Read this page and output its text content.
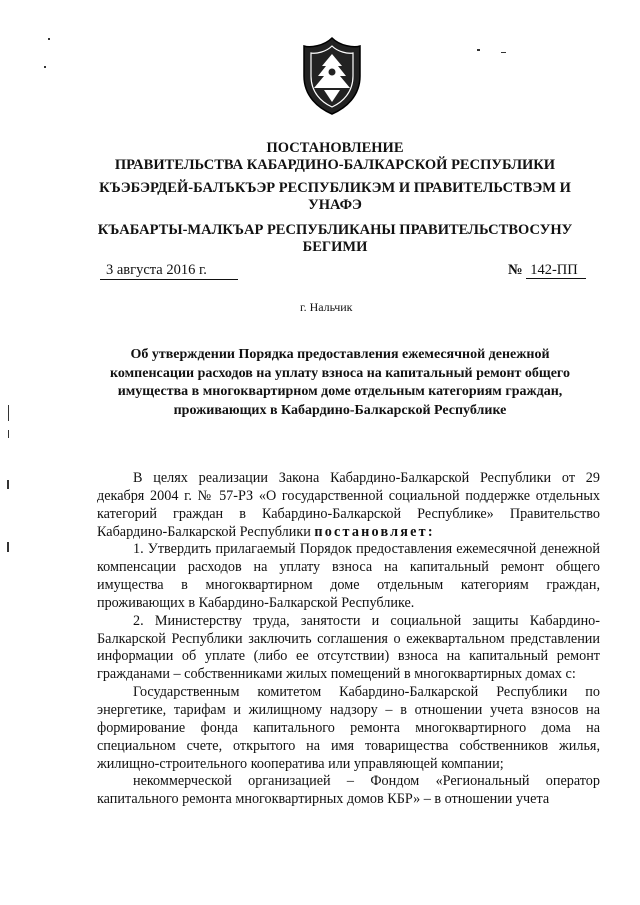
ПОСТАНОВЛЕНИЕ
ПРАВИТЕЛЬСТВА КАБАРДИНО-БАЛКАРСКОЙ РЕСПУБЛИКИ
КЪЭБЭРДЕЙ-БАЛЪКЪЭР РЕСПУБЛИКЭМ И ПРАВИТЕЛЬСТВЭМ И УНАФЭ
КЪАБАРТЫ-МАЛКЪАР РЕСПУБЛИКАНЫ ПРАВИТЕЛЬСТВОСУНУ БЕГИМИ
3 августа 2016 г.	№ 142-ПП
г. Нальчик
Об утверждении Порядка предоставления ежемесячной денежной компенсации расходов на уплату взноса на капитальный ремонт общего имущества в многоквартирном доме отдельным категориям граждан, проживающих в Кабардино-Балкарской Республике

В целях реализации Закона Кабардино-Балкарской Республики от 29 декабря 2004 г. № 57-РЗ «О государственной социальной поддержке отдельных категорий граждан в Кабардино-Балкарской Республике» Правительство Кабардино-Балкарской Республики постановляет:

1. Утвердить прилагаемый Порядок предоставления ежемесячной денежной компенсации расходов на уплату взноса на капитальный ремонт общего имущества в многоквартирном доме отдельным категориям граждан, проживающих в Кабардино-Балкарской Республике.

2. Министерству труда, занятости и социальной защиты Кабардино-Балкарской Республики заключить соглашения о ежеквартальном представлении информации об уплате (либо ее отсутствии) взноса на капитальный ремонт гражданами – собственниками жилых помещений в многоквартирных домах с:

Государственным комитетом Кабардино-Балкарской Республики по энергетике, тарифам и жилищному надзору – в отношении учета взносов на формирование фонда капитального ремонта многоквартирного дома на специальном счете, открытого на имя товарищества собственников жилья, жилищно-строительного кооператива или управляющей компании;

некоммерческой организацией – Фондом «Региональный оператор капитального ремонта многоквартирных домов КБР» – в отношении учета
